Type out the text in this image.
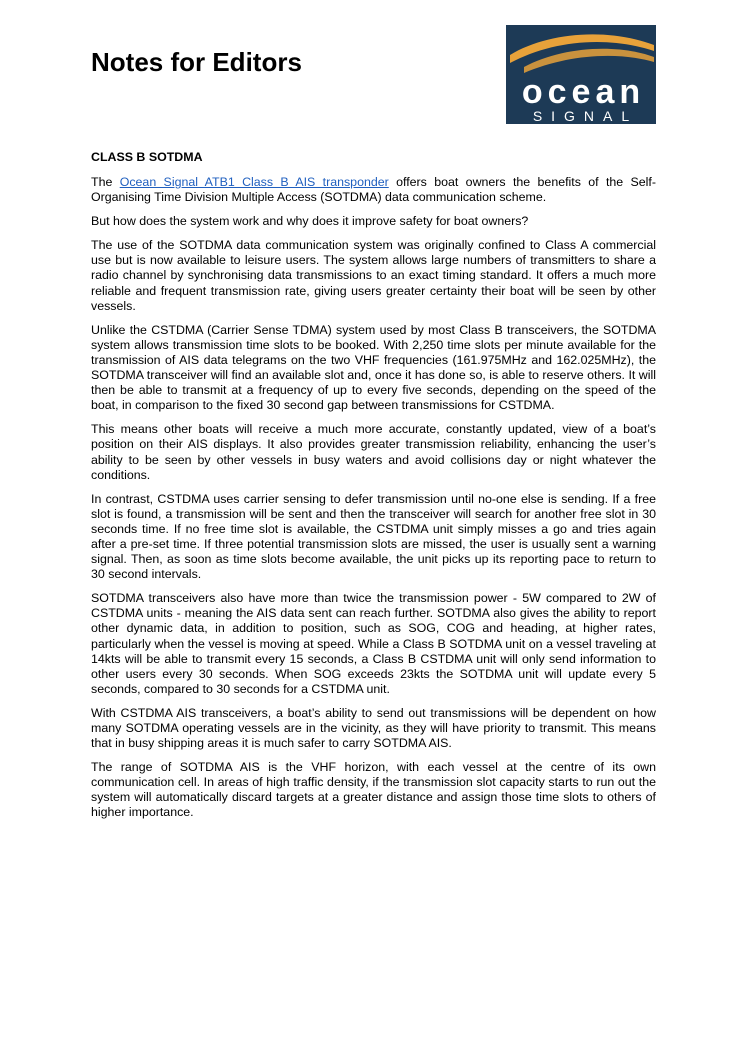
Notes for Editors
ocean
SIGNAL

CLASS B SOTDMA

The Ocean Signal ATB1 Class B AIS transponder offers boat owners the benefits of the Self-Organising Time Division Multiple Access (SOTDMA) data communication scheme.

But how does the system work and why does it improve safety for boat owners?

The use of the SOTDMA data communication system was originally confined to Class A commercial use but is now available to leisure users. The system allows large numbers of transmitters to share a radio channel by synchronising data transmissions to an exact timing standard. It offers a much more reliable and frequent transmission rate, giving users greater certainty their boat will be seen by other vessels.

Unlike the CSTDMA (Carrier Sense TDMA) system used by most Class B transceivers, the SOTDMA system allows transmission time slots to be booked. With 2,250 time slots per minute available for the transmission of AIS data telegrams on the two VHF frequencies (161.975MHz and 162.025MHz), the SOTDMA transceiver will find an available slot and, once it has done so, is able to reserve others. It will then be able to transmit at a frequency of up to every five seconds, depending on the speed of the boat, in comparison to the fixed 30 second gap between transmissions for CSTDMA.

This means other boats will receive a much more accurate, constantly updated, view of a boat’s position on their AIS displays. It also provides greater transmission reliability, enhancing the user’s ability to be seen by other vessels in busy waters and avoid collisions day or night whatever the conditions.

In contrast, CSTDMA uses carrier sensing to defer transmission until no-one else is sending. If a free slot is found, a transmission will be sent and then the transceiver will search for another free slot in 30 seconds time. If no free time slot is available, the CSTDMA unit simply misses a go and tries again after a pre-set time. If three potential transmission slots are missed, the user is usually sent a warning signal. Then, as soon as time slots become available, the unit picks up its reporting pace to return to 30 second intervals.

SOTDMA transceivers also have more than twice the transmission power - 5W compared to 2W of CSTDMA units - meaning the AIS data sent can reach further. SOTDMA also gives the ability to report other dynamic data, in addition to position, such as SOG, COG and heading, at higher rates, particularly when the vessel is moving at speed. While a Class B SOTDMA unit on a vessel traveling at 14kts will be able to transmit every 15 seconds, a Class B CSTDMA unit will only send information to other users every 30 seconds. When SOG exceeds 23kts the SOTDMA unit will update every 5 seconds, compared to 30 seconds for a CSTDMA unit.

With CSTDMA AIS transceivers, a boat’s ability to send out transmissions will be dependent on how many SOTDMA operating vessels are in the vicinity, as they will have priority to transmit. This means that in busy shipping areas it is much safer to carry SOTDMA AIS.

The range of SOTDMA AIS is the VHF horizon, with each vessel at the centre of its own communication cell. In areas of high traffic density, if the transmission slot capacity starts to run out the system will automatically discard targets at a greater distance and assign those time slots to others of higher importance.
